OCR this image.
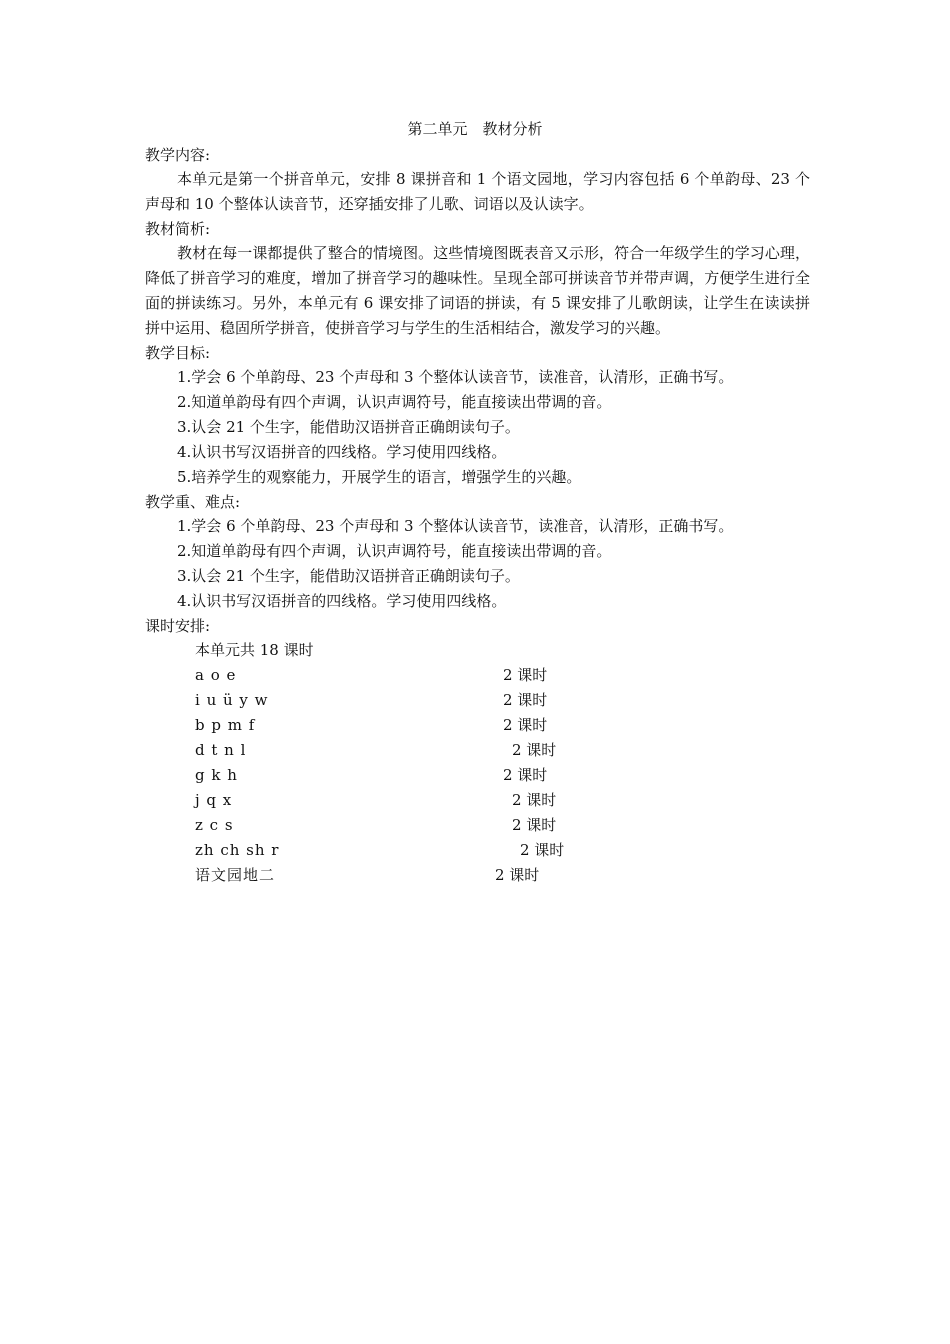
第二单元　教材分析
教学内容:
本单元是第一个拼音单元，安排 8 课拼音和 1 个语文园地，学习内容包括 6 个单韵母、23 个声母和 10 个整体认读音节，还穿插安排了儿歌、词语以及认读字。
教材简析:
教材在每一课都提供了整合的情境图。这些情境图既表音又示形，符合一年级学生的学习心理，降低了拼音学习的难度，增加了拼音学习的趣味性。呈现全部可拼读音节并带声调，方便学生进行全面的拼读练习。另外，本单元有 6 课安排了词语的拼读，有 5 课安排了儿歌朗读，让学生在读读拼拼中运用、稳固所学拼音，使拼音学习与学生的生活相结合，激发学习的兴趣。
教学目标:
1.学会 6 个单韵母、23 个声母和 3 个整体认读音节，读准音，认清形，正确书写。
2.知道单韵母有四个声调，认识声调符号，能直接读出带调的音。
3.认会 21 个生字，能借助汉语拼音正确朗读句子。
4.认识书写汉语拼音的四线格。学习使用四线格。
5.培养学生的观察能力，开展学生的语言，增强学生的兴趣。
教学重、难点:
1.学会 6 个单韵母、23 个声母和 3 个整体认读音节，读准音，认清形，正确书写。
2.知道单韵母有四个声调，认识声调符号，能直接读出带调的音。
3.认会 21 个生字，能借助汉语拼音正确朗读句子。
4.认识书写汉语拼音的四线格。学习使用四线格。
课时安排:
本单元共 18 课时
a o e	2 课时
i u ü y w	2 课时
b p m f	2 课时
d t n l	2 课时
g k h	2 课时
j q x	2 课时
z c s	2 课时
zh ch sh r	2 课时
语文园地二	2 课时
